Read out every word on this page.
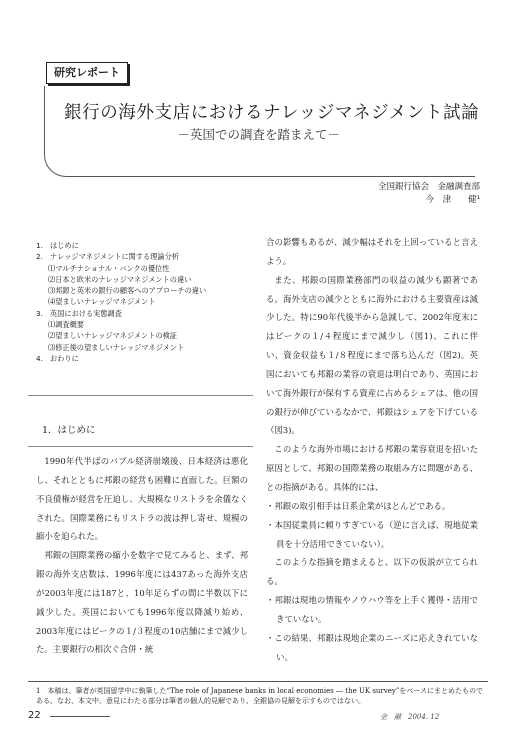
研究レポート
銀行の海外支店におけるナレッジマネジメント試論
－英国での調査を踏まえて－
全国銀行協会　金融調査部
今　津　　健¹
1.　はじめに
2.　ナレッジマネジメントに関する理論分析
⑴マルチナショナル・バンクの優位性
⑵日本と欧米のナレッジマネジメントの違い
⑶邦銀と英米の銀行の顧客へのアプローチの違い
⑷望ましいナレッジマネジメント
3.　英国における実態調査
⑴調査概要
⑵望ましいナレッジマネジメントの検証
⑶修正後の望ましいナレッジマネジメント
4.　おわりに
1．はじめに

1990年代半ばのバブル経済崩壊後、日本経済は悪化し、それとともに邦銀の経営も困難に直面した。巨額の不良債権が経営を圧迫し、大規模なリストラを余儀なくされた。国際業務にもリストラの波は押し寄せ、規模の縮小を迫られた。

邦銀の国際業務の縮小を数字で見てみると、まず、邦銀の海外支店数は、1996年度には437あった海外支店が2003年度には187と、10年足らずの間に半数以下に減少した。英国においても1996年度以降減り始め、2003年度にはピークの１/３程度の10店舗にまで減少した。主要銀行の相次ぐ合併・統

合の影響もあるが、減少幅はそれを上回っていると言えよう。

また、邦銀の国際業務部門の収益の減少も顕著である。海外支店の減少とともに海外における主要資産は減少した。特に90年代後半から急減して、2002年度末にはピークの１/４程度にまで減少し（図1)、これに伴い、資金収益も１/８程度にまで落ち込んだ（図2)。英国においても邦銀の業容の衰退は明白であり、英国において海外銀行が保有する資産に占めるシェアは、他の国の銀行が伸びているなかで、邦銀はシェアを下げている（図3)。

このような海外市場における邦銀の業容衰退を招いた原因として、邦銀の国際業務の取組み方に問題がある、との指摘がある。具体的には、

・邦銀の取引相手は日系企業がほとんどである。

・本国従業員に頼りすぎている（逆に言えば、現地従業員を十分活用できていない）。

このような指摘を踏まえると、以下の仮説が立てられる。

・邦銀は現地の情報やノウハウ等を上手く獲得・活用できていない。

・この結果、邦銀は現地企業のニーズに応えきれていない。

1　本稿は、筆者が英国留学中に執筆した“The role of Japanese banks in local economies ― the UK survey”をベースにまとめたものである。なお、本文中、意見にわたる部分は筆者の個人的見解であり、全銀協の見解を示すものではない。
22	金　融　2004. 12
